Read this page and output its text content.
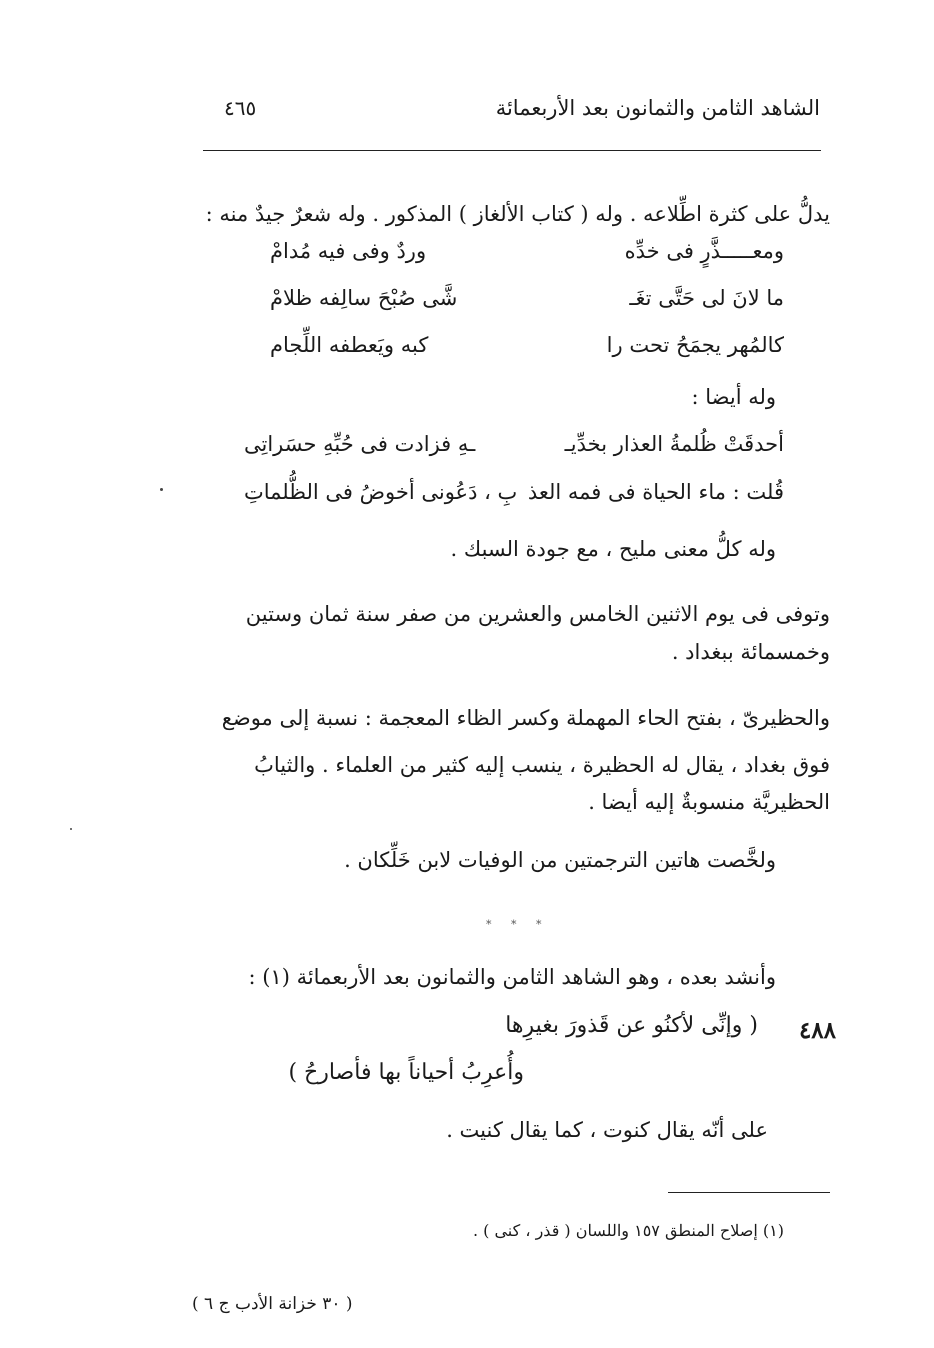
الشاهد الثامن والثمانون بعد الأربعمائة
٤٦٥
يدلُّ على كثرة اطِّلاعه . وله ( كتاب الألغاز ) المذكور . وله شعرٌ جيدٌ منه :
ومعـــــذَّرٍ فى خدِّه
وردٌ وفى فيه مُدامْ
ما لانَ لى حَتَّى تغَـ
شَّى صُبْحَ سالِفه ظلامْ
كالمُهر يجمَحُ تحت را
كبه ويَعطفه اللِّجام
وله أيضا :
أحدقَتْ ظُلمةُ العذار بخدِّيـ
ـهِ فزادت فى حُبِّهِ حسَراتِى
قُلت : ماء الحياة فى فمه العذ
بِ ، دَعُونى أخوضُ فى الظُّلماتِ
وله كلُّ معنى مليح ، مع جودة السبك .
وتوفى فى يوم الاثنين الخامس والعشرين من صفر سنة ثمان وستين
وخمسمائة ببغداد .
والحظيرىّ ، بفتح الحاء المهملة وكسر الظاء المعجمة : نسبة إلى موضع
فوق بغداد ، يقال له الحظيرة ، ينسب إليه كثير من العلماء . والثيابُ
الحظيريَّة منسوبةٌ إليه أيضا .
ولخَّصت هاتين الترجمتين من الوفيات لابن خَلِّكان .
* * *
وأنشد بعده ، وهو الشاهد الثامن والثمانون بعد الأربعمائة (١) :
٤٨٨
( وإنِّى لأكنُو عن قَذورَ بغيرِها
وأُعرِبُ أحياناً بها فأصارحُ )
على أنّه يقال كنوت ، كما يقال كنيت .
(١) إصلاح المنطق ١٥٧ واللسان ( قذر ، كنى ) .
( ٣٠ خزانة الأدب ج ٦ )
